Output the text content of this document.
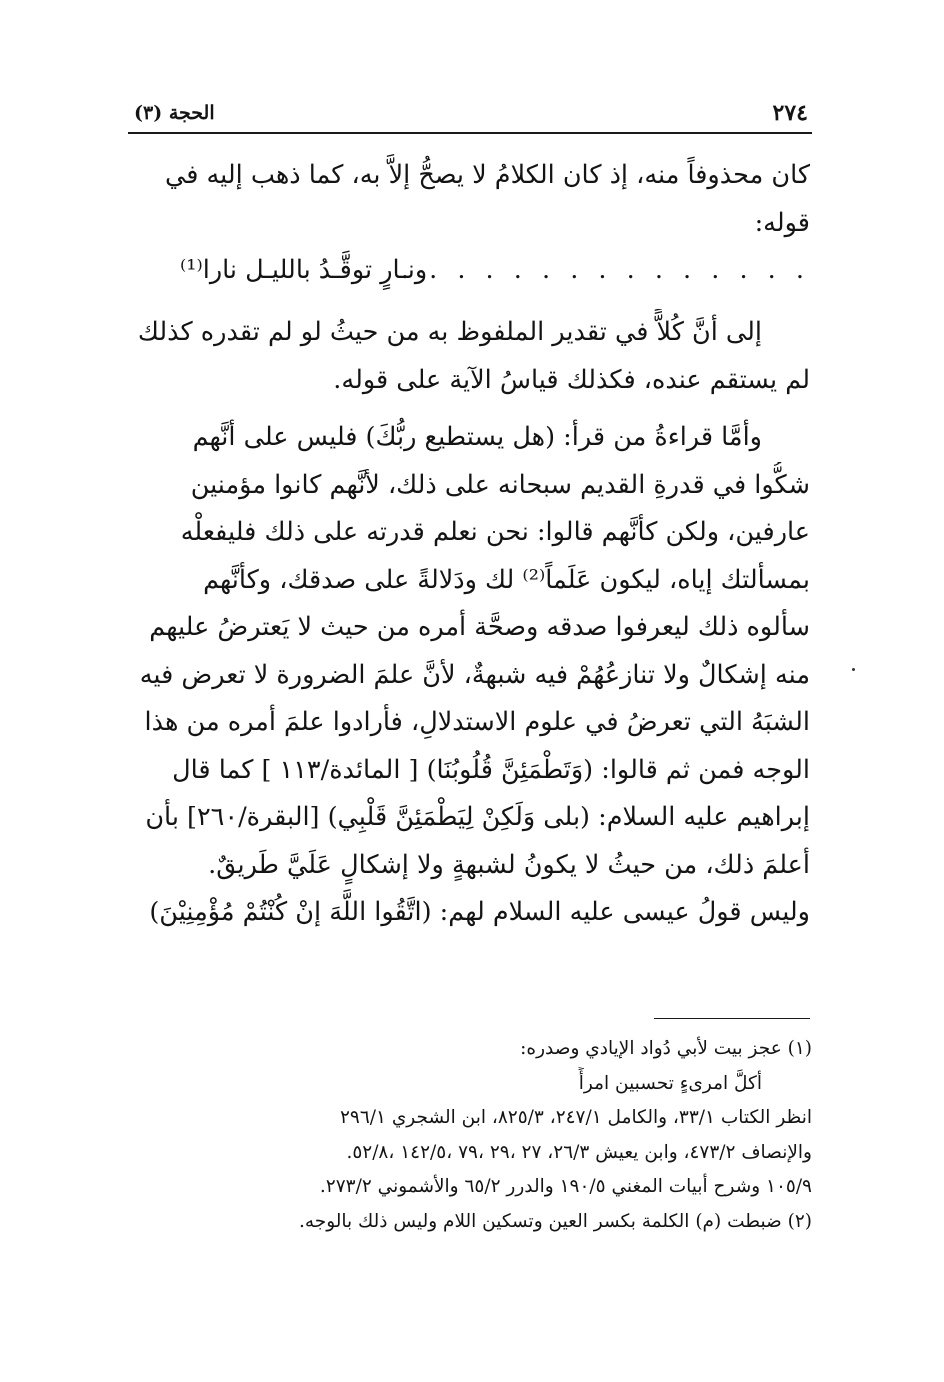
٢٧٤
الحجة (٣)
كان محذوفاً منه، إذ كان الكلامُ لا يصحُّ إلاَّ به، كما ذهب إليه في
قوله:
. . . . . . . . . . . . . . .
ونـارٍ توقَّـدُ بالليـل نارا⁽¹⁾
إلى أنَّ كُلاًّ في تقدير الملفوظ به من حيثُ لو لم تقدره كذلك
لم يستقم عنده، فكذلك قياسُ الآية على قوله.
وأمَّا قراءةُ من قرأ: (هل يستطيع ربُّكَ) فليس على أنَّهم
شكُّوا في قدرةِ القديم سبحانه على ذلك، لأنَّهم كانوا مؤمنين
عارفين، ولكن كأنَّهم قالوا: نحن نعلم قدرته على ذلك فليفعلْه
بمسألتك إياه، ليكون عَلَماً⁽²⁾ لك ودَلالةً على صدقك، وكأنَّهم
سألوه ذلك ليعرفوا صدقه وصحَّة أمره من حيث لا يَعترضُ عليهم
منه إشكالٌ ولا تنازعُهُمْ فيه شبهةٌ، لأنَّ علمَ الضرورة لا تعرض فيه
الشبَهُ التي تعرضُ في علوم الاستدلالِ، فأرادوا علمَ أمره من هذا
الوجه فمن ثم قالوا: (وَتَطْمَئِنَّ قُلُوبُنَا) [ المائدة/١١٣ ] كما قال
إبراهيم عليه السلام: (بلى وَلَكِنْ لِيَطْمَئِنَّ قَلْبِي) [البقرة/٢٦٠] بأن
أعلمَ ذلك، من حيثُ لا يكونُ لشبهةٍ ولا إشكالٍ عَلَيَّ طَريقٌ.
وليس قولُ عيسى عليه السلام لهم: (اتَّقُوا اللَّهَ إنْ كُنْتُمْ مُؤْمِنِيْنَ)
(١) عجز بيت لأبي دُواد الإيادي وصدره:
أكلَّ امرىءٍ تحسبين امرأً
انظر الكتاب ٣٣/١، والكامل ٢٤٧/١، ٨٢٥/٣، ابن الشجري ٢٩٦/١
والإنصاف ٤٧٣/٢، وابن يعيش ٢٦/٣، ٢٧ ،٢٩ ،٧٩ ،١٤٢/٥ ،٥٢/٨.
١٠٥/٩ وشرح أبيات المغني ١٩٠/٥ والدرر ٦٥/٢ والأشموني ٢٧٣/٢.
(٢) ضبطت (م) الكلمة بكسر العين وتسكين اللام وليس ذلك بالوجه.
